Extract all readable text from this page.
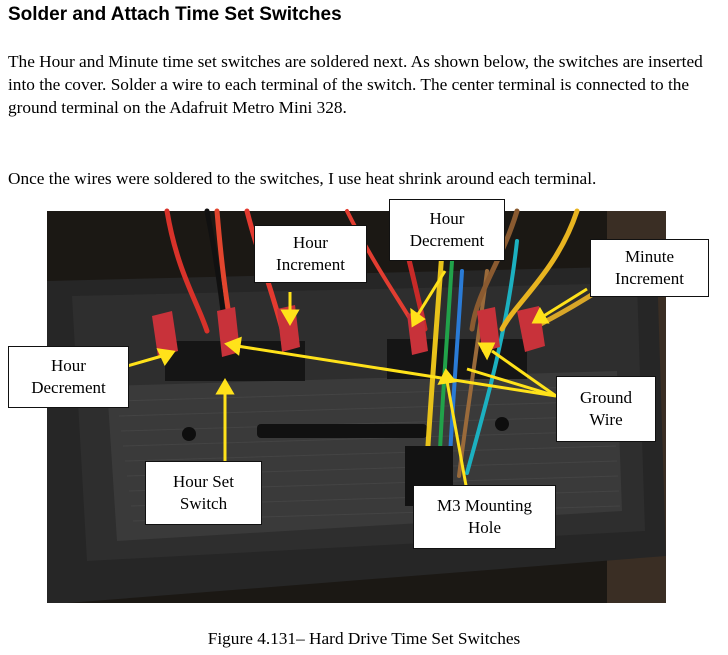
Solder and Attach Time Set Switches

The Hour and Minute time set switches are soldered next. As shown below, the switches are inserted into the cover. Solder a wire to each terminal of the switch. The center terminal is connected to the ground terminal on the Adafruit Metro Mini 328.

Once the wires were soldered to the switches, I use heat shrink around each terminal.

Hour
Increment
Hour
Decrement
Minute
Increment
Hour
Decrement
Ground
Wire
Hour Set
Switch	M3 Mounting
Hole

Figure 4.131– Hard Drive Time Set Switches
